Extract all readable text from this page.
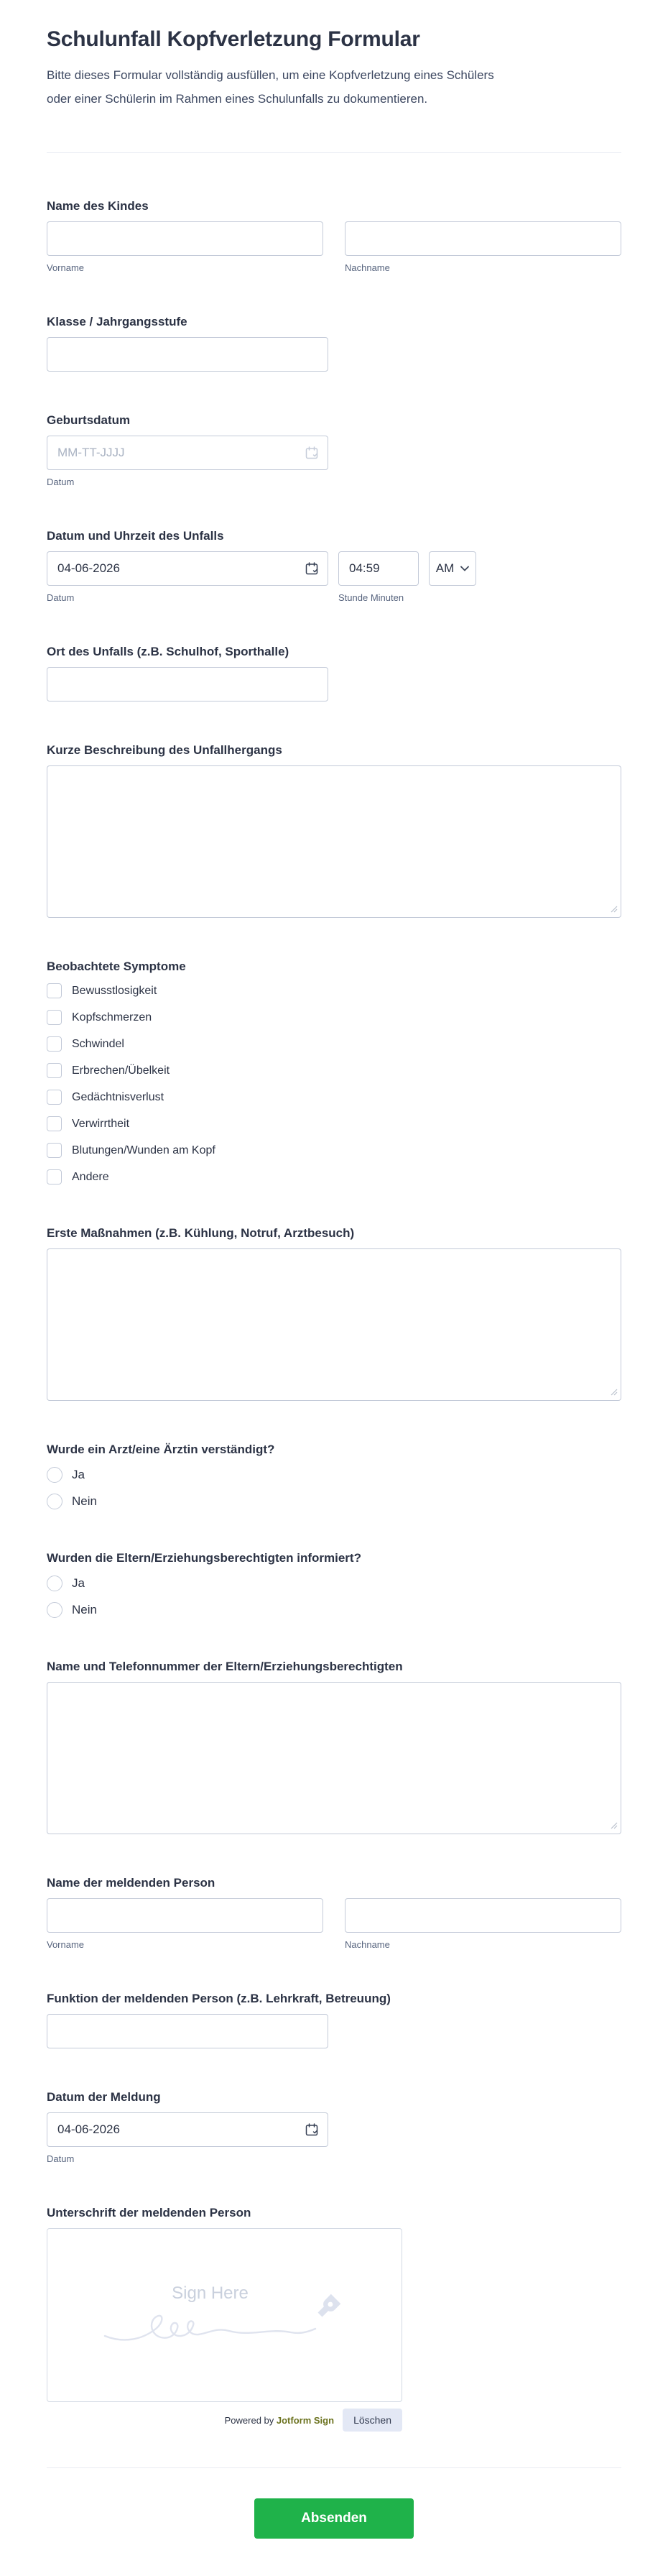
Schulunfall Kopfverletzung Formular
Bitte dieses Formular vollständig ausfüllen, um eine Kopfverletzung eines Schülers oder einer Schülerin im Rahmen eines Schulunfalls zu dokumentieren.
Name des Kindes
Vorname	Nachname
Klasse / Jahrgangsstufe
Geburtsdatum
MM-TT-JJJJ
Datum
Datum und Uhrzeit des Unfalls
04-06-2026
04:59
AM
Datum	Stunde Minuten
Ort des Unfalls (z.B. Schulhof, Sporthalle)
Kurze Beschreibung des Unfallhergangs
Beobachtete Symptome
Bewusstlosigkeit
Kopfschmerzen
Schwindel
Erbrechen/Übelkeit
Gedächtnisverlust
Verwirrtheit
Blutungen/Wunden am Kopf
Andere
Erste Maßnahmen (z.B. Kühlung, Notruf, Arztbesuch)
Wurde ein Arzt/eine Ärztin verständigt?
Ja
Nein
Wurden die Eltern/Erziehungsberechtigten informiert?
Ja
Nein
Name und Telefonnummer der Eltern/Erziehungsberechtigten
Name der meldenden Person
Vorname	Nachname
Funktion der meldenden Person (z.B. Lehrkraft, Betreuung)
Datum der Meldung
04-06-2026
Datum
Unterschrift der meldenden Person
Sign Here
Powered by Jotform Sign	Löschen
Absenden
